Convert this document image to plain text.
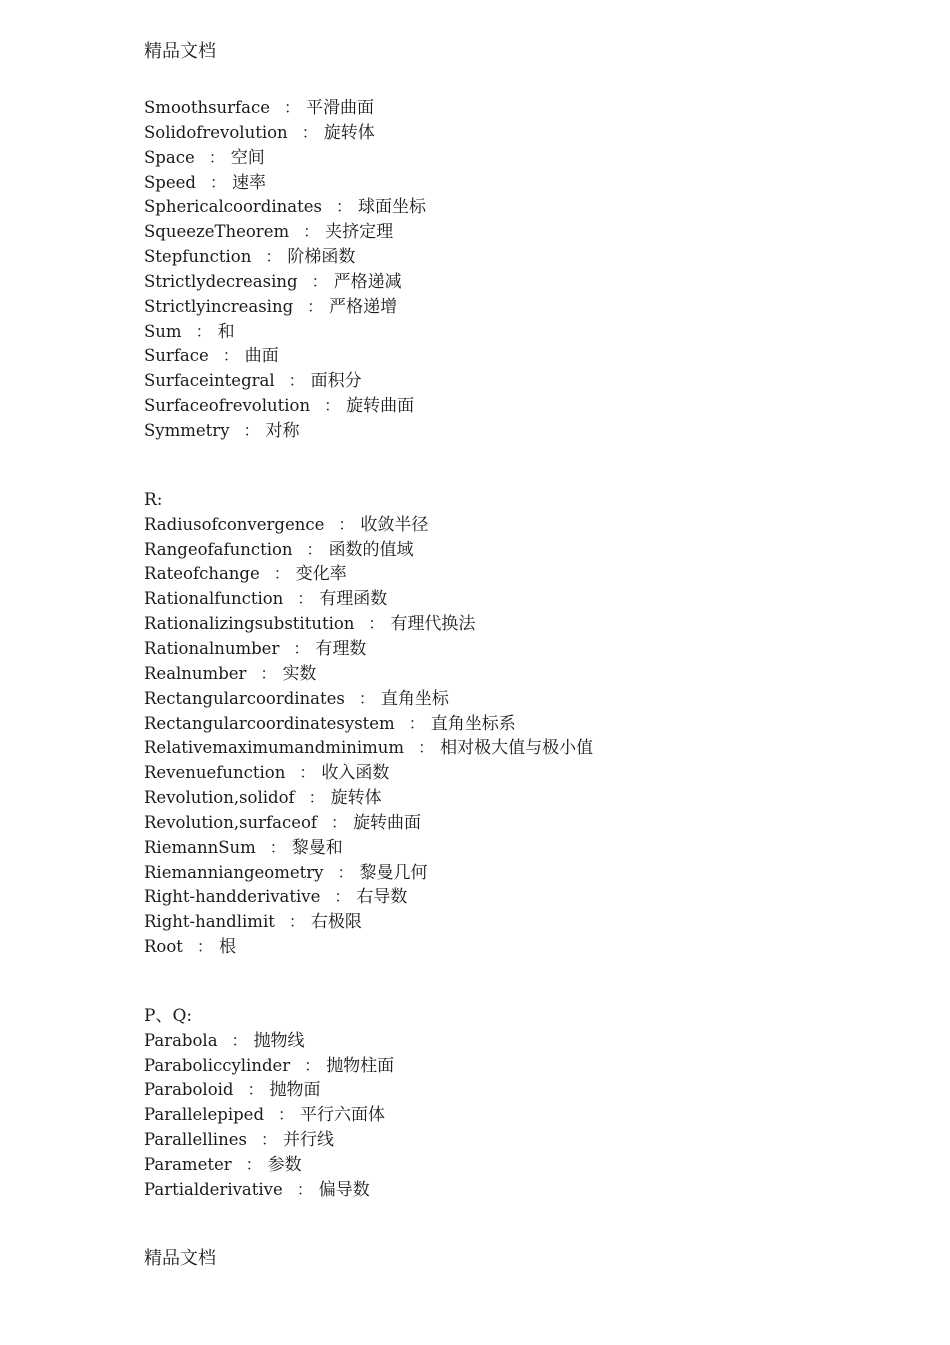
精品文档
Smoothsurface ： 平滑曲面
Solidofrevolution ： 旋转体
Space ： 空间
Speed ： 速率
Sphericalcoordinates ： 球面坐标
SqueezeTheorem ： 夹挤定理
Stepfunction ： 阶梯函数
Strictlydecreasing ： 严格递减
Strictlyincreasing ： 严格递增
Sum ： 和
Surface ： 曲面
Surfaceintegral ： 面积分
Surfaceofrevolution ： 旋转曲面
Symmetry ： 对称
R:
Radiusofconvergence ： 收敛半径
Rangeofafunction ： 函数的值域
Rateofchange ： 变化率
Rationalfunction ： 有理函数
Rationalizingsubstitution ： 有理代换法
Rationalnumber ： 有理数
Realnumber ： 实数
Rectangularcoordinates ： 直角坐标
Rectangularcoordinatesystem ： 直角坐标系
Relativemaximumandminimum ： 相对极大值与极小值
Revenuefunction ： 收入函数
Revolution,solidof ： 旋转体
Revolution,surfaceof ： 旋转曲面
RiemannSum ： 黎曼和
Riemanniangeometry ： 黎曼几何
Right-handderivative ： 右导数
Right-handlimit ： 右极限
Root ： 根
P、Q:
Parabola ： 抛物线
Paraboliccylinder ： 抛物柱面
Paraboloid ： 抛物面
Parallelepiped ： 平行六面体
Parallellines ： 并行线
Parameter ： 参数
Partialderivative ： 偏导数
精品文档
